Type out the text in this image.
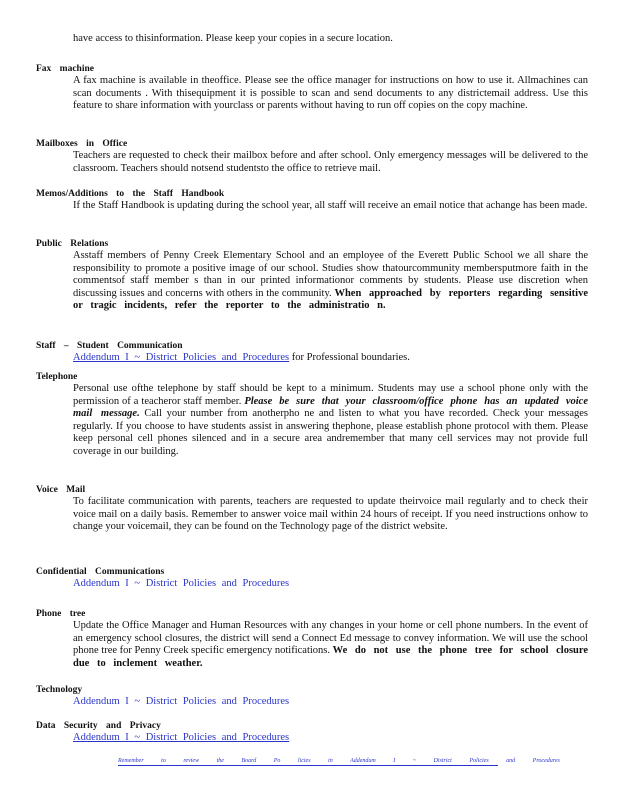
have access to thisinformation. Please keep your copies in a secure location.
Fax machine
A fax machine is available in theoffice. Please see the office manager for instructions on how to use it. Allmachines can scan documents . With thisequipment it is possible to scan and send documents to any districtemail address. Use this feature to share information with yourclass or parents without having to run off copies on the copy machine.
Mailboxes in Office
Teachers are requested to check their mailbox before and after school. Only emergency messages will be delivered to the classroom. Teachers should notsend studentsto the office to retrieve mail.
Memos/Additions to the Staff Handbook
If the Staff Handbook is updating during the school year, all staff will receive an email notice that achange has been made.
Public Relations
Asstaff members of Penny Creek Elementary School and an employee of the Everett Public School we all share the responsibility to promote a positive image of our school. Studies show thatourcommunity membersputmore faith in the commentsof staff member s than in our printed informationor comments by students. Please use discretion when discussing issues and concerns with others in the community. When approached by reporters regarding sensitive or tragic incidents, refer the reporter to the administratio n.
Staff – Student Communication
Addendum I ~ District Policies and Procedures for Professional boundaries.
Telephone
Personal use ofthe telephone by staff should be kept to a minimum. Students may use a school phone only with the permission of a teacheror staff member. Please be sure that your classroom/office phone has an updated voice mail message. Call your number from anotherpho ne and listen to what you have recorded. Check your messages regularly. If you choose to have students assist in answering thephone, please establish phone protocol with them. Please keep personal cell phones silenced and in a secure area andremember that many cell services may not provide full coverage in our building.
Voice Mail
To facilitate communication with parents, teachers are requested to update theirvoice mail regularly and to check their voice mail on a daily basis. Remember to answer voice mail within 24 hours of receipt. If you need instructions onhow to change your voicemail, they can be found on the Technology page of the district website.
Confidential Communications
Addendum I ~ District Policies and Procedures
Phone tree
Update the Office Manager and Human Resources with any changes in your home or cell phone numbers. In the event of an emergency school closures, the district will send a Connect Ed message to convey information. We will use the school phone tree for Penny Creek specific emergency notifications. We do not use the phone tree for school closure due to inclement weather.
Technology
Addendum I ~ District Policies and Procedures
Data Security and Privacy
Addendum I ~ District Policies and Procedures
Remember to review the Board Po licies in Addendum I ~ District Policies and Procedures
